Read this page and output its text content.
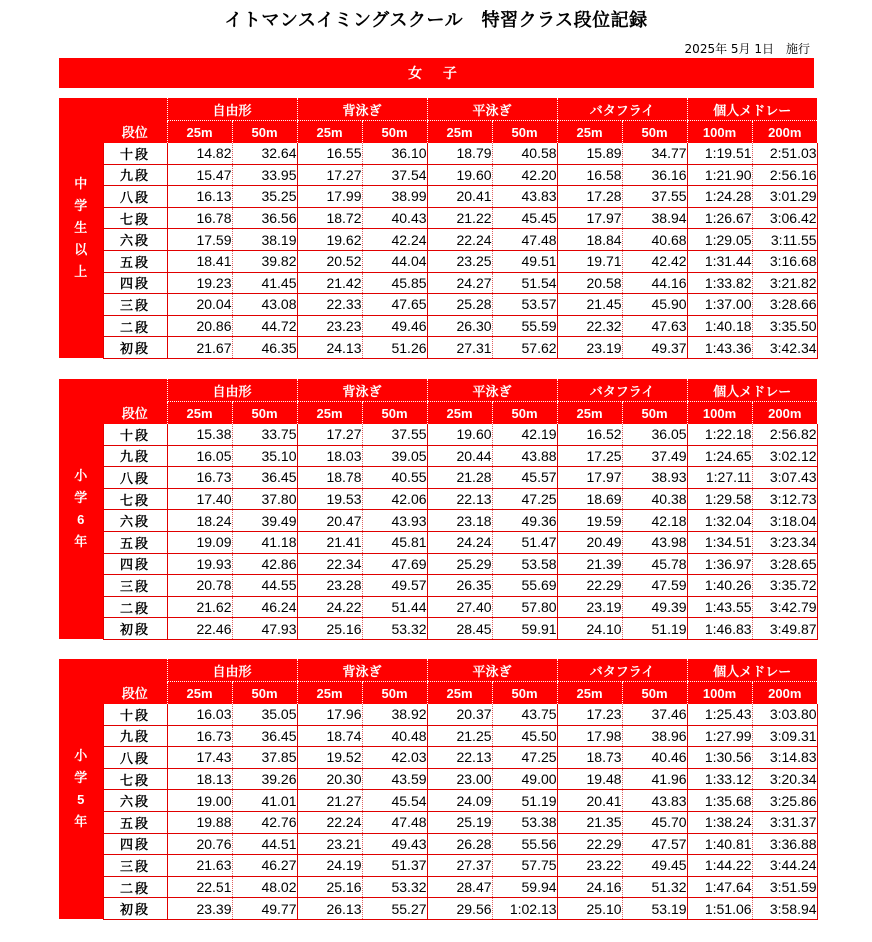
イトマンスイミングスクール　特習クラス段位記録
2025年 5月 1日　施行
女 子
中
学
生
以
上		自由形		背泳ぎ		平泳ぎ		バタフライ		個人メドレー	
	段位	25m	50m	25m	50m	25m	50m	25m	50m	100m	200m
	十段	14.82	32.64	16.55	36.10	18.79	40.58	15.89	34.77	1:19.51	2:51.03
	九段	15.47	33.95	17.27	37.54	19.60	42.20	16.58	36.16	1:21.90	2:56.16
	八段	16.13	35.25	17.99	38.99	20.41	43.83	17.28	37.55	1:24.28	3:01.29
	七段	16.78	36.56	18.72	40.43	21.22	45.45	17.97	38.94	1:26.67	3:06.42
	六段	17.59	38.19	19.62	42.24	22.24	47.48	18.84	40.68	1:29.05	3:11.55
	五段	18.41	39.82	20.52	44.04	23.25	49.51	19.71	42.42	1:31.44	3:16.68
	四段	19.23	41.45	21.42	45.85	24.27	51.54	20.58	44.16	1:33.82	3:21.82
	三段	20.04	43.08	22.33	47.65	25.28	53.57	21.45	45.90	1:37.00	3:28.66
	二段	20.86	44.72	23.23	49.46	26.30	55.59	22.32	47.63	1:40.18	3:35.50
	初段	21.67	46.35	24.13	51.26	27.31	57.62	23.19	49.37	1:43.36	3:42.34
小
学
6
年		自由形		背泳ぎ		平泳ぎ		バタフライ		個人メドレー	
	段位	25m	50m	25m	50m	25m	50m	25m	50m	100m	200m
	十段	15.38	33.75	17.27	37.55	19.60	42.19	16.52	36.05	1:22.18	2:56.82
	九段	16.05	35.10	18.03	39.05	20.44	43.88	17.25	37.49	1:24.65	3:02.12
	八段	16.73	36.45	18.78	40.55	21.28	45.57	17.97	38.93	1:27.11	3:07.43
	七段	17.40	37.80	19.53	42.06	22.13	47.25	18.69	40.38	1:29.58	3:12.73
	六段	18.24	39.49	20.47	43.93	23.18	49.36	19.59	42.18	1:32.04	3:18.04
	五段	19.09	41.18	21.41	45.81	24.24	51.47	20.49	43.98	1:34.51	3:23.34
	四段	19.93	42.86	22.34	47.69	25.29	53.58	21.39	45.78	1:36.97	3:28.65
	三段	20.78	44.55	23.28	49.57	26.35	55.69	22.29	47.59	1:40.26	3:35.72
	二段	21.62	46.24	24.22	51.44	27.40	57.80	23.19	49.39	1:43.55	3:42.79
	初段	22.46	47.93	25.16	53.32	28.45	59.91	24.10	51.19	1:46.83	3:49.87
小
学
5
年		自由形		背泳ぎ		平泳ぎ		バタフライ		個人メドレー	
	段位	25m	50m	25m	50m	25m	50m	25m	50m	100m	200m
	十段	16.03	35.05	17.96	38.92	20.37	43.75	17.23	37.46	1:25.43	3:03.80
	九段	16.73	36.45	18.74	40.48	21.25	45.50	17.98	38.96	1:27.99	3:09.31
	八段	17.43	37.85	19.52	42.03	22.13	47.25	18.73	40.46	1:30.56	3:14.83
	七段	18.13	39.26	20.30	43.59	23.00	49.00	19.48	41.96	1:33.12	3:20.34
	六段	19.00	41.01	21.27	45.54	24.09	51.19	20.41	43.83	1:35.68	3:25.86
	五段	19.88	42.76	22.24	47.48	25.19	53.38	21.35	45.70	1:38.24	3:31.37
	四段	20.76	44.51	23.21	49.43	26.28	55.56	22.29	47.57	1:40.81	3:36.88
	三段	21.63	46.27	24.19	51.37	27.37	57.75	23.22	49.45	1:44.22	3:44.24
	二段	22.51	48.02	25.16	53.32	28.47	59.94	24.16	51.32	1:47.64	3:51.59
	初段	23.39	49.77	26.13	55.27	29.56	1:02.13	25.10	53.19	1:51.06	3:58.94
